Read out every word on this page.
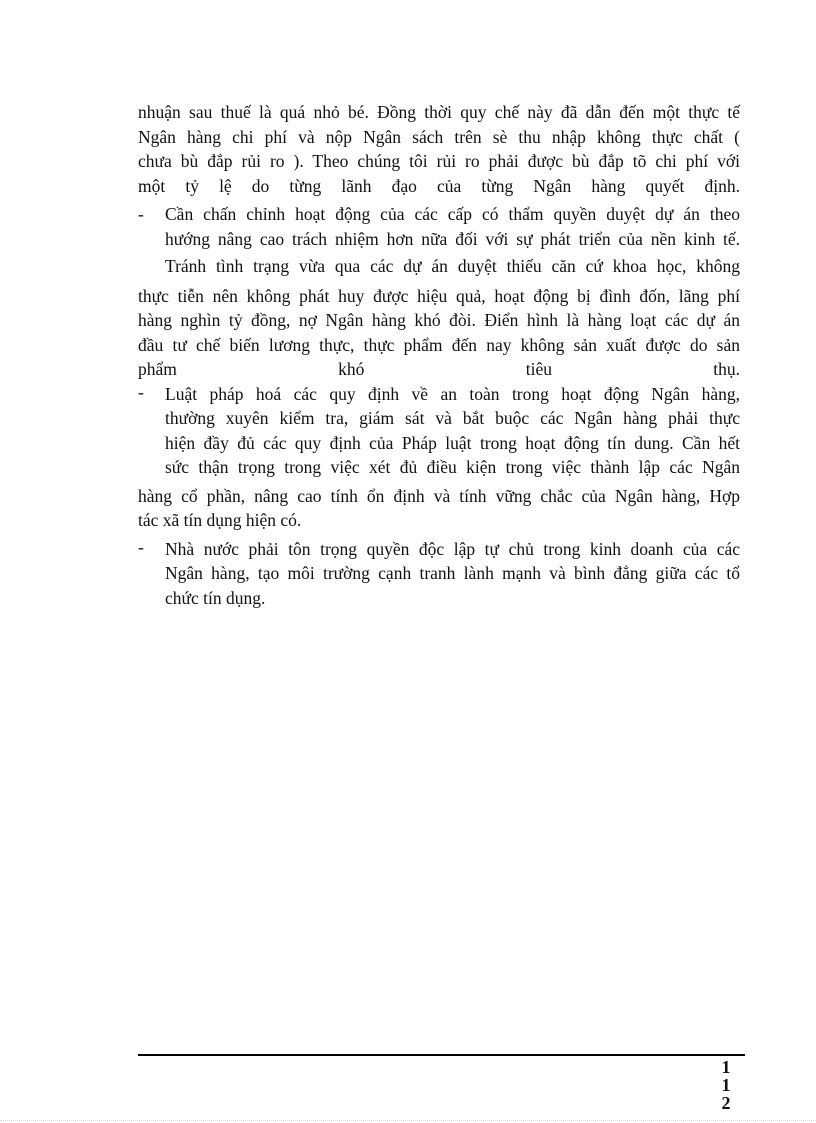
nhuận sau thuế là quá nhỏ bé. Đồng thời quy chế này đã dẫn đến một thực tế
Ngân hàng chi phí và nộp Ngân sách trên sè thu nhập không thực chất (
chưa bù đắp rủi ro ). Theo chúng tôi rủi ro phải được bù đắp tõ chi phí với
một tỷ lệ do từng lãnh đạo của từng Ngân hàng quyết định.
-	Cần chấn chỉnh hoạt động của các cấp có thẩm quyền duyệt dự án theo
hướng nâng cao trách nhiệm hơn nữa đối với sự phát triển của nền kinh tế.
Tránh tình trạng vừa qua các dự án duyệt thiếu căn cứ khoa học, không
thực tiễn nên không phát huy được hiệu quả, hoạt động bị đình đốn, lãng phí
hàng nghìn tỷ đồng, nợ Ngân hàng khó đòi. Điển hình là hàng loạt các dự án
đầu tư chế biến lương thực, thực phẩm đến nay không sản xuất được do sản
phẩm khó tiêu thụ.
-	Luật pháp hoá các quy định về an toàn trong hoạt động Ngân hàng,
thường xuyên kiểm tra, giám sát và bắt buộc các Ngân hàng phải thực
hiện đầy đủ các quy định của Pháp luật trong hoạt động tín dung. Cần hết
sức thận trọng trong việc xét đủ điều kiện trong việc thành lập các Ngân
hàng cổ phần, nâng cao tính ổn định và tính vững chắc của Ngân hàng, Hợp
tác xã tín dụng hiện có.
-	Nhà nước phải tôn trọng quyền độc lập tự chủ trong kinh doanh của các
Ngân hàng, tạo môi trường cạnh tranh lành mạnh và bình đẳng giữa các tổ
chức tín dụng.
1
1
2
